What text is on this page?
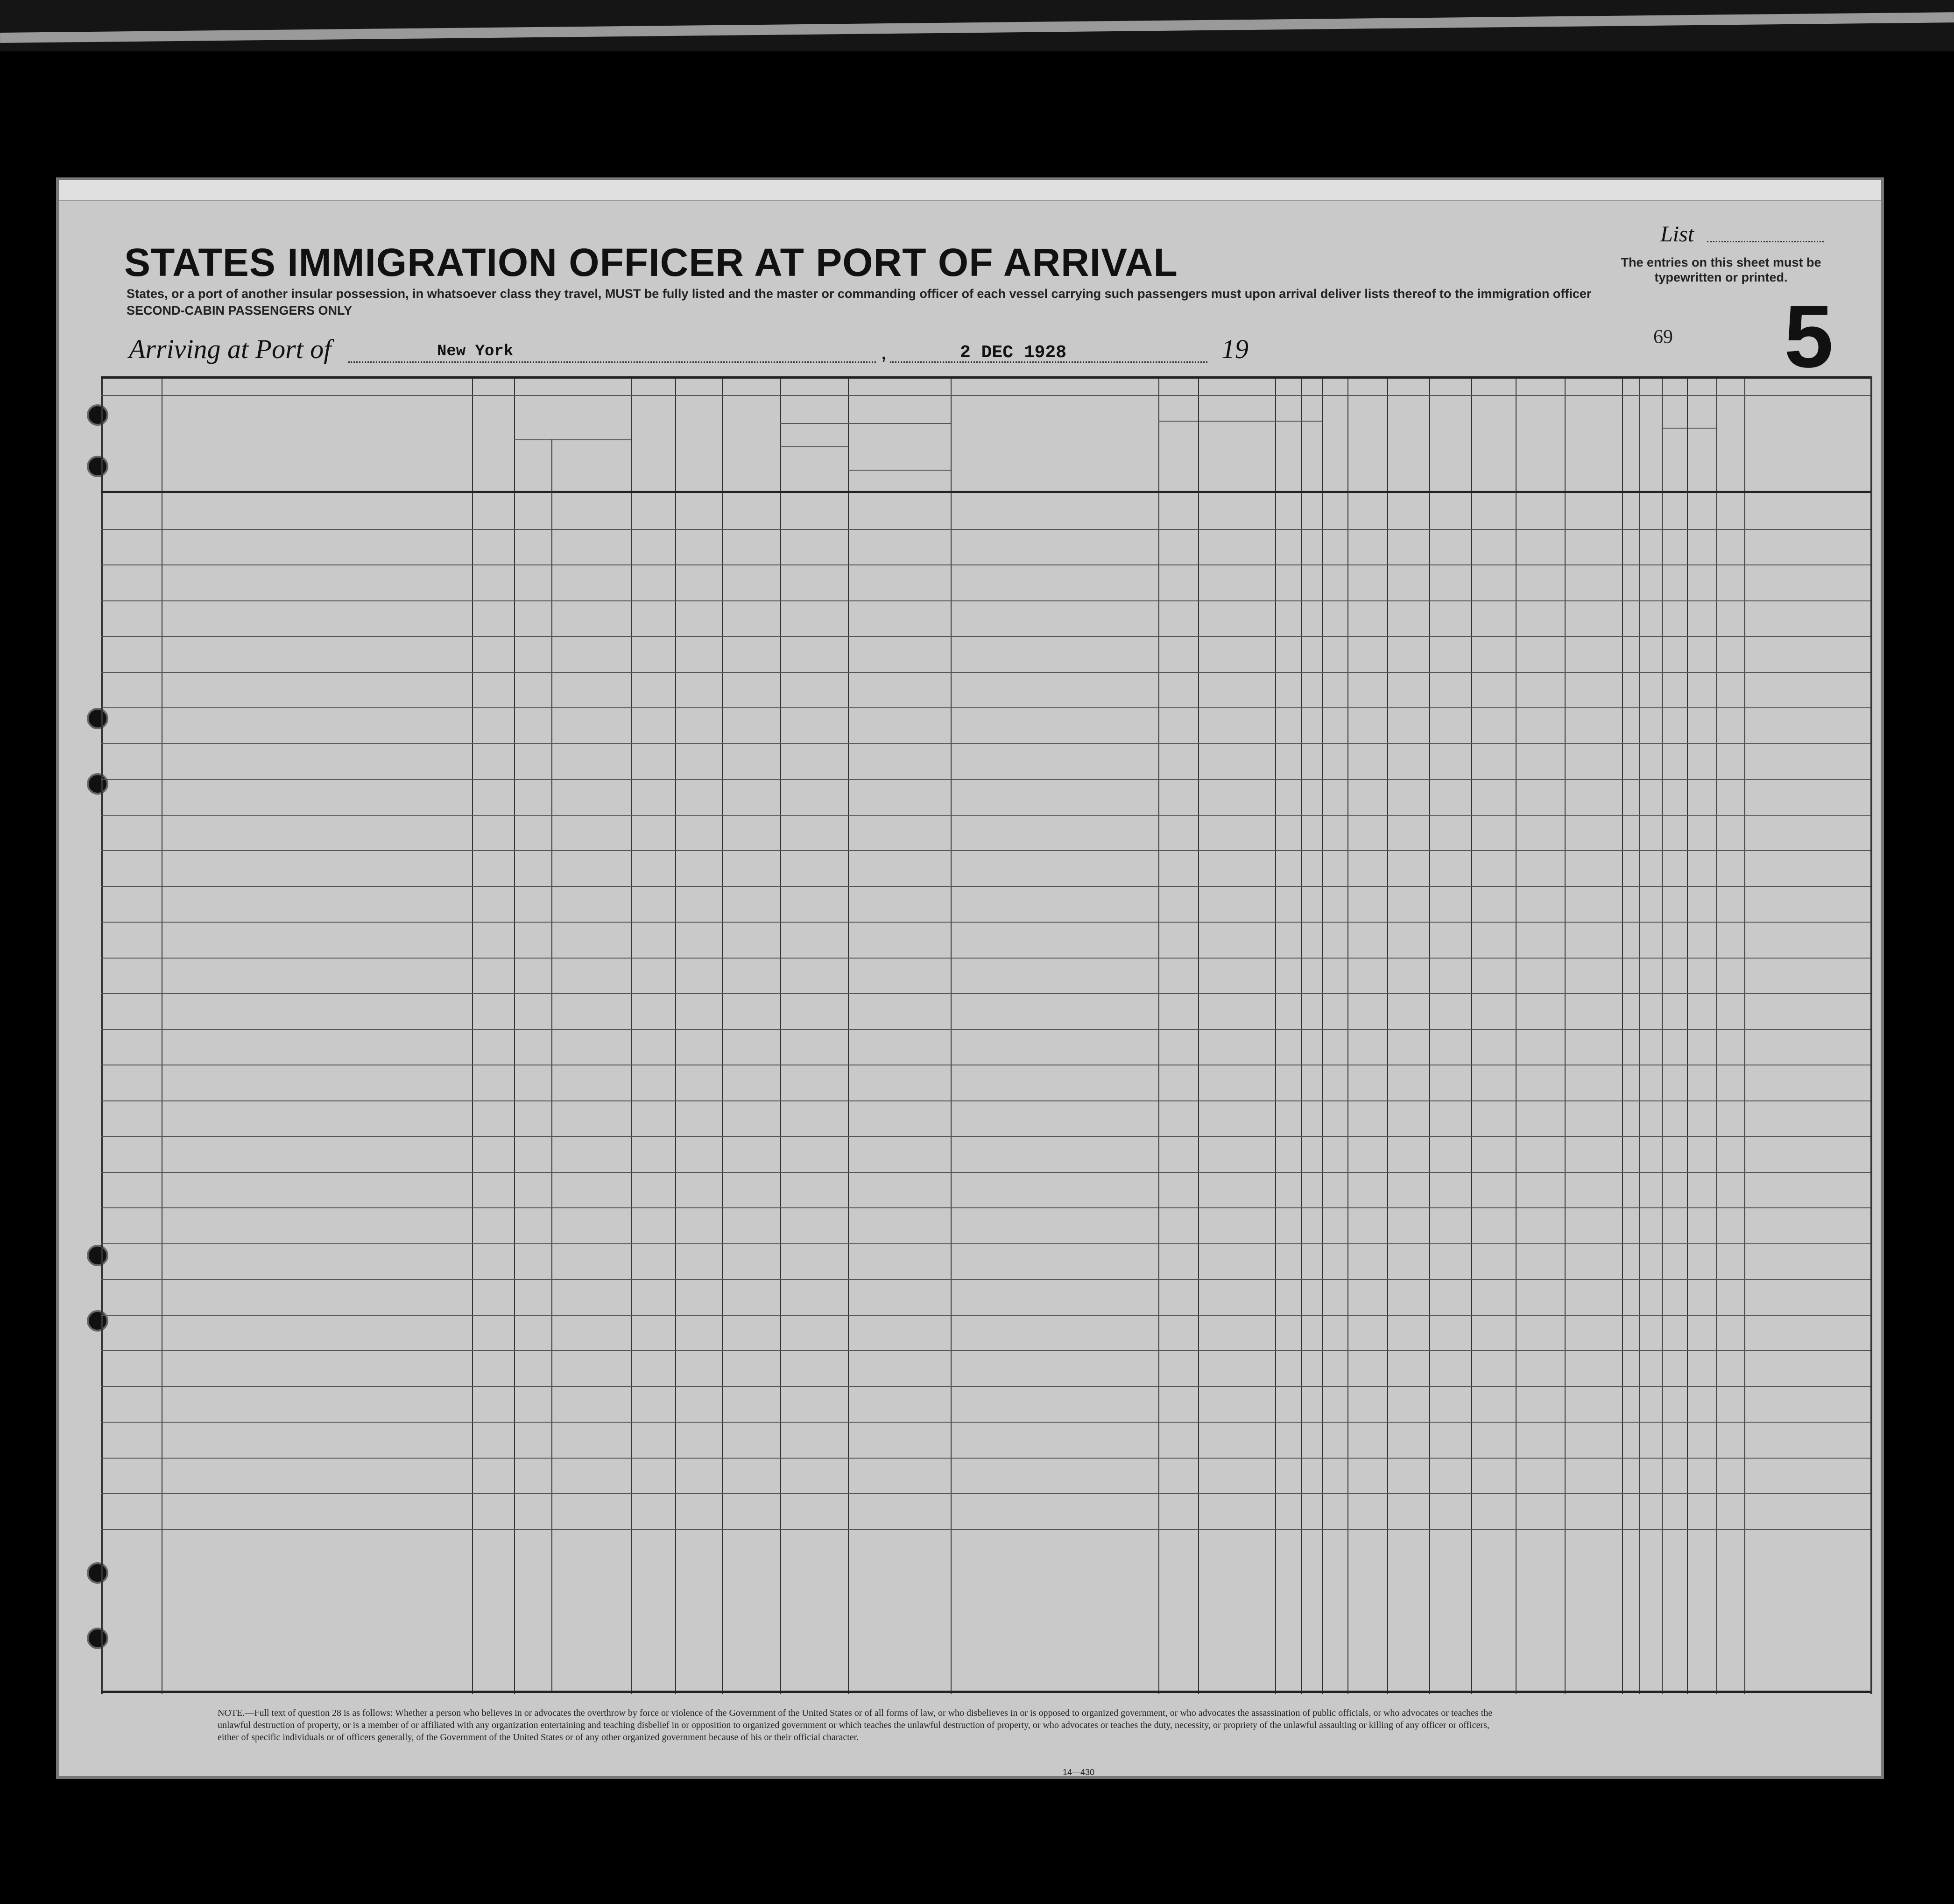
STATES IMMIGRATION OFFICER AT PORT OF ARRIVAL
States, or a port of another insular possession, in whatsoever class they travel, MUST be fully listed and the master or commanding officer of each vessel carrying such passengers must upon arrival deliver lists thereof to the immigration officer
SECOND-CABIN PASSENGERS ONLY
List
The entries on this sheet must be typewritten or printed.
5
69
Arriving at Port of	New York	,	2 DEC 1928	19
NOTE.—Full text of question 28 is as follows: Whether a person who believes in or advocates the overthrow by force or violence of the Government of the United States or of all forms of law, or who disbelieves in or is opposed to organized government, or who advocates the assassination of public officials, or who advocates or teaches the unlawful destruction of property, or is a member of or affiliated with any organization entertaining and teaching disbelief in or opposition to organized government or which teaches the unlawful destruction of property, or who advocates or teaches the duty, necessity, or propriety of the unlawful assaulting or killing of any officer or officers, either of specific individuals or of officers generally, of the Government of the United States or of any other organized government because of his or their official character.
14—430
